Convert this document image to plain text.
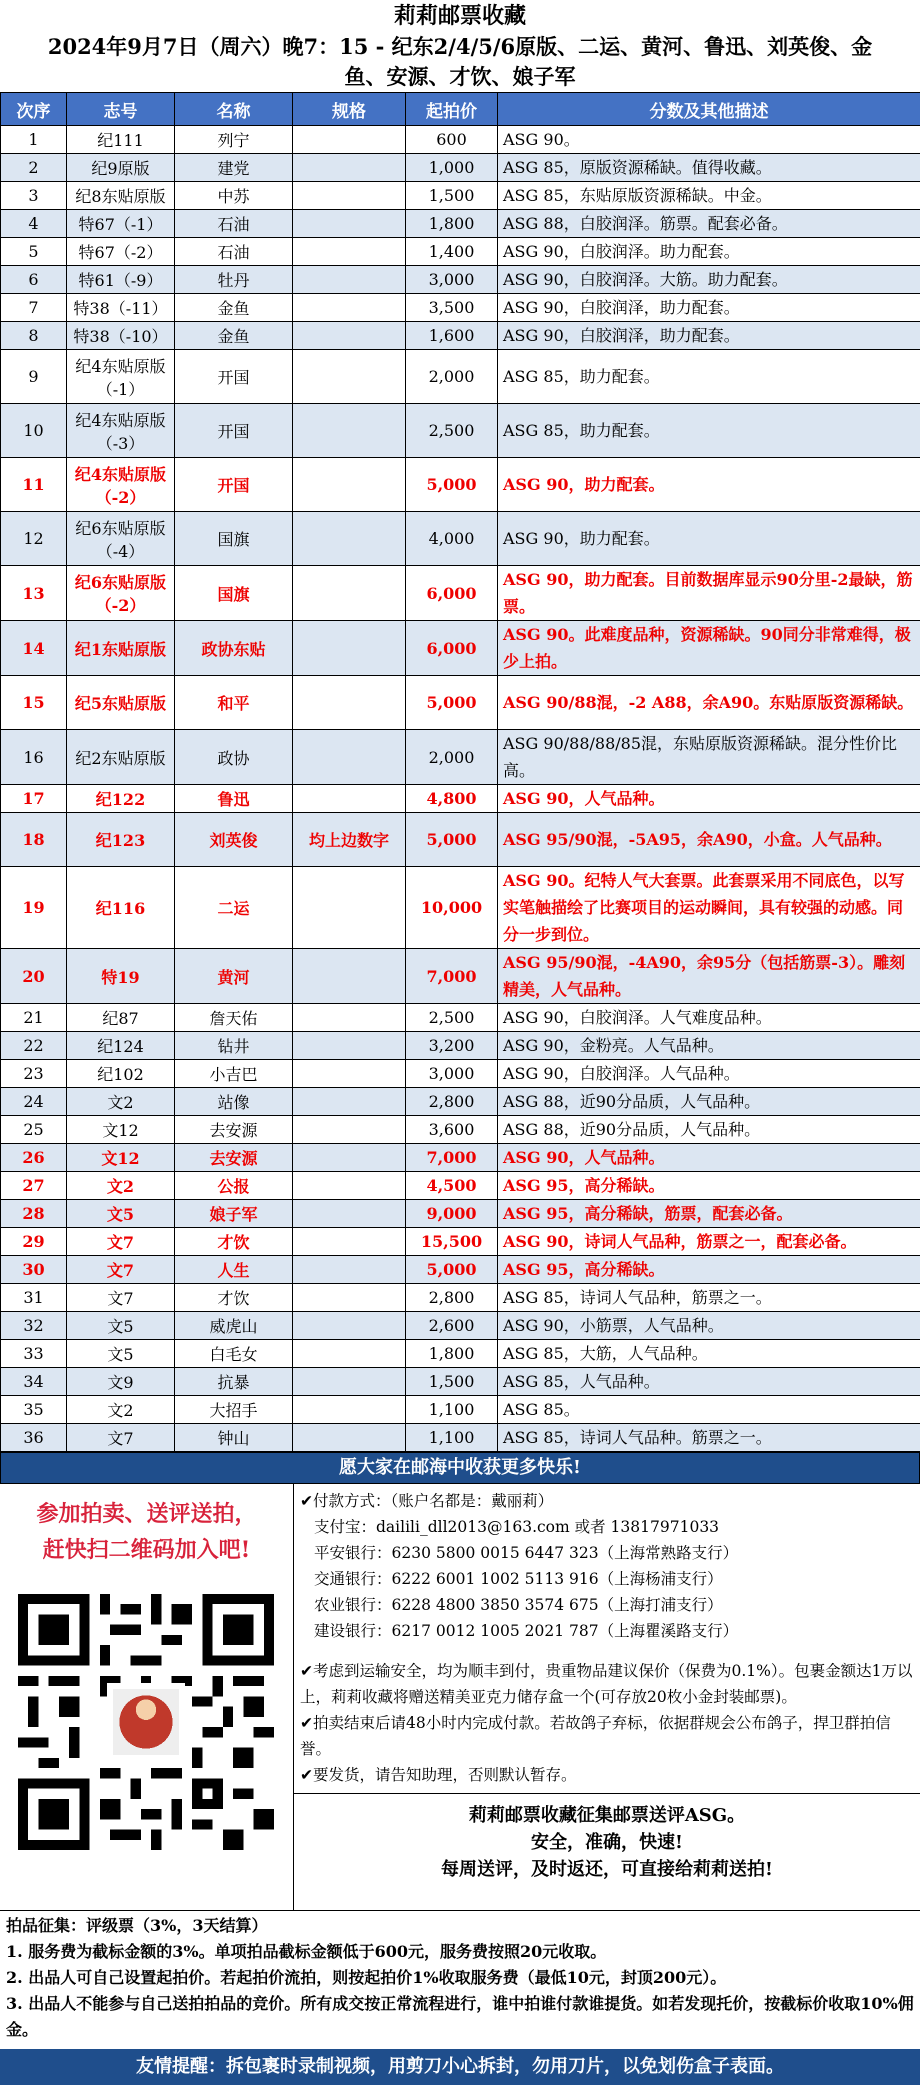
莉莉邮票收藏
2024年9月7日（周六）晚7：15 - 纪东2/4/5/6原版、二运、黄河、鲁迅、刘英俊、金鱼、安源、才饮、娘子军
次序	志号	名称	规格	起拍价	分数及其他描述
1	纪111	列宁		600	ASG 90。
2	纪9原版	建党		1,000	ASG 85，原版资源稀缺。值得收藏。
3	纪8东贴原版	中苏		1,500	ASG 85，东贴原版资源稀缺。中金。
4	特67（-1）	石油		1,800	ASG 88，白胶润泽。筋票。配套必备。
5	特67（-2）	石油		1,400	ASG 90，白胶润泽。助力配套。
6	特61（-9）	牡丹		3,000	ASG 90，白胶润泽。大筋。助力配套。
7	特38（-11）	金鱼		3,500	ASG 90，白胶润泽，助力配套。
8	特38（-10）	金鱼		1,600	ASG 90，白胶润泽，助力配套。
9	纪4东贴原版（-1）	开国		2,000	ASG 85，助力配套。
10	纪4东贴原版（-3）	开国		2,500	ASG 85，助力配套。
11	纪4东贴原版（-2）	开国		5,000	ASG 90，助力配套。
12	纪6东贴原版（-4）	国旗		4,000	ASG 90，助力配套。
13	纪6东贴原版（-2）	国旗		6,000	ASG 90，助力配套。目前数据库显示90分里-2最缺，筋票。
14	纪1东贴原版	政协东贴		6,000	ASG 90。此难度品种，资源稀缺。90同分非常难得，极少上拍。
15	纪5东贴原版	和平		5,000	ASG 90/88混，-2 A88，余A90。东贴原版资源稀缺。
16	纪2东贴原版	政协		2,000	ASG 90/88/88/85混，东贴原版资源稀缺。混分性价比高。
17	纪122	鲁迅		4,800	ASG 90，人气品种。
18	纪123	刘英俊	均上边数字	5,000	ASG 95/90混，-5A95，余A90，小盒。人气品种。
19	纪116	二运		10,000	ASG 90。纪特人气大套票。此套票采用不同底色，以写实笔触描绘了比赛项目的运动瞬间，具有较强的动感。同分一步到位。
20	特19	黄河		7,000	ASG 95/90混，-4A90，余95分（包括筋票-3）。雕刻精美，人气品种。
21	纪87	詹天佑		2,500	ASG 90，白胶润泽。人气难度品种。
22	纪124	钻井		3,200	ASG 90，金粉亮。人气品种。
23	纪102	小吉巴		3,000	ASG 90，白胶润泽。人气品种。
24	文2	站像		2,800	ASG 88，近90分品质，人气品种。
25	文12	去安源		3,600	ASG 88，近90分品质，人气品种。
26	文12	去安源		7,000	ASG 90，人气品种。
27	文2	公报		4,500	ASG 95，高分稀缺。
28	文5	娘子军		9,000	ASG 95，高分稀缺，筋票，配套必备。
29	文7	才饮		15,500	ASG 90，诗词人气品种，筋票之一，配套必备。
30	文7	人生		5,000	ASG 95，高分稀缺。
31	文7	才饮		2,800	ASG 85，诗词人气品种，筋票之一。
32	文5	威虎山		2,600	ASG 90，小筋票，人气品种。
33	文5	白毛女		1,800	ASG 85，大筋，人气品种。
34	文9	抗暴		1,500	ASG 85，人气品种。
35	文2	大招手		1,100	ASG 85。
36	文7	钟山		1,100	ASG 85，诗词人气品种。筋票之一。
愿大家在邮海中收获更多快乐!
参加拍卖、送评送拍，
赶快扫二维码加入吧!
✔付款方式：（账户名都是：戴丽莉）
支付宝：dailili_dll2013@163.com 或者 13817971033
平安银行：6230 5800 0015 6447 323（上海常熟路支行）
交通银行：6222 6001 1002 5113 916（上海杨浦支行）
农业银行：6228 4800 3850 3574 675（上海打浦支行）
建设银行：6217 0012 1005 2021 787（上海瞿溪路支行）
✔考虑到运输安全，均为顺丰到付，贵重物品建议保价（保费为0.1%）。包裹金额达1万以上，莉莉收藏将赠送精美亚克力储存盒一个(可存放20枚小金封装邮票)。
✔拍卖结束后请48小时内完成付款。若故鸽子弃标，依据群规会公布鸽子，捍卫群拍信誉。
✔要发货，请告知助理，否则默认暂存。
莉莉邮票收藏征集邮票送评ASG。
安全，准确，快速!
每周送评，及时返还，可直接给莉莉送拍!
拍品征集：评级票（3%，3天结算）
1. 服务费为截标金额的3%。单项拍品截标金额低于600元，服务费按照20元收取。
2. 出品人可自己设置起拍价。若起拍价流拍，则按起拍价1%收取服务费（最低10元，封顶200元）。
3. 出品人不能参与自己送拍拍品的竞价。所有成交按正常流程进行，谁中拍谁付款谁提货。如若发现托价，按截标价收取10%佣金。
友情提醒：拆包裹时录制视频，用剪刀小心拆封，勿用刀片，以免划伤盒子表面。
